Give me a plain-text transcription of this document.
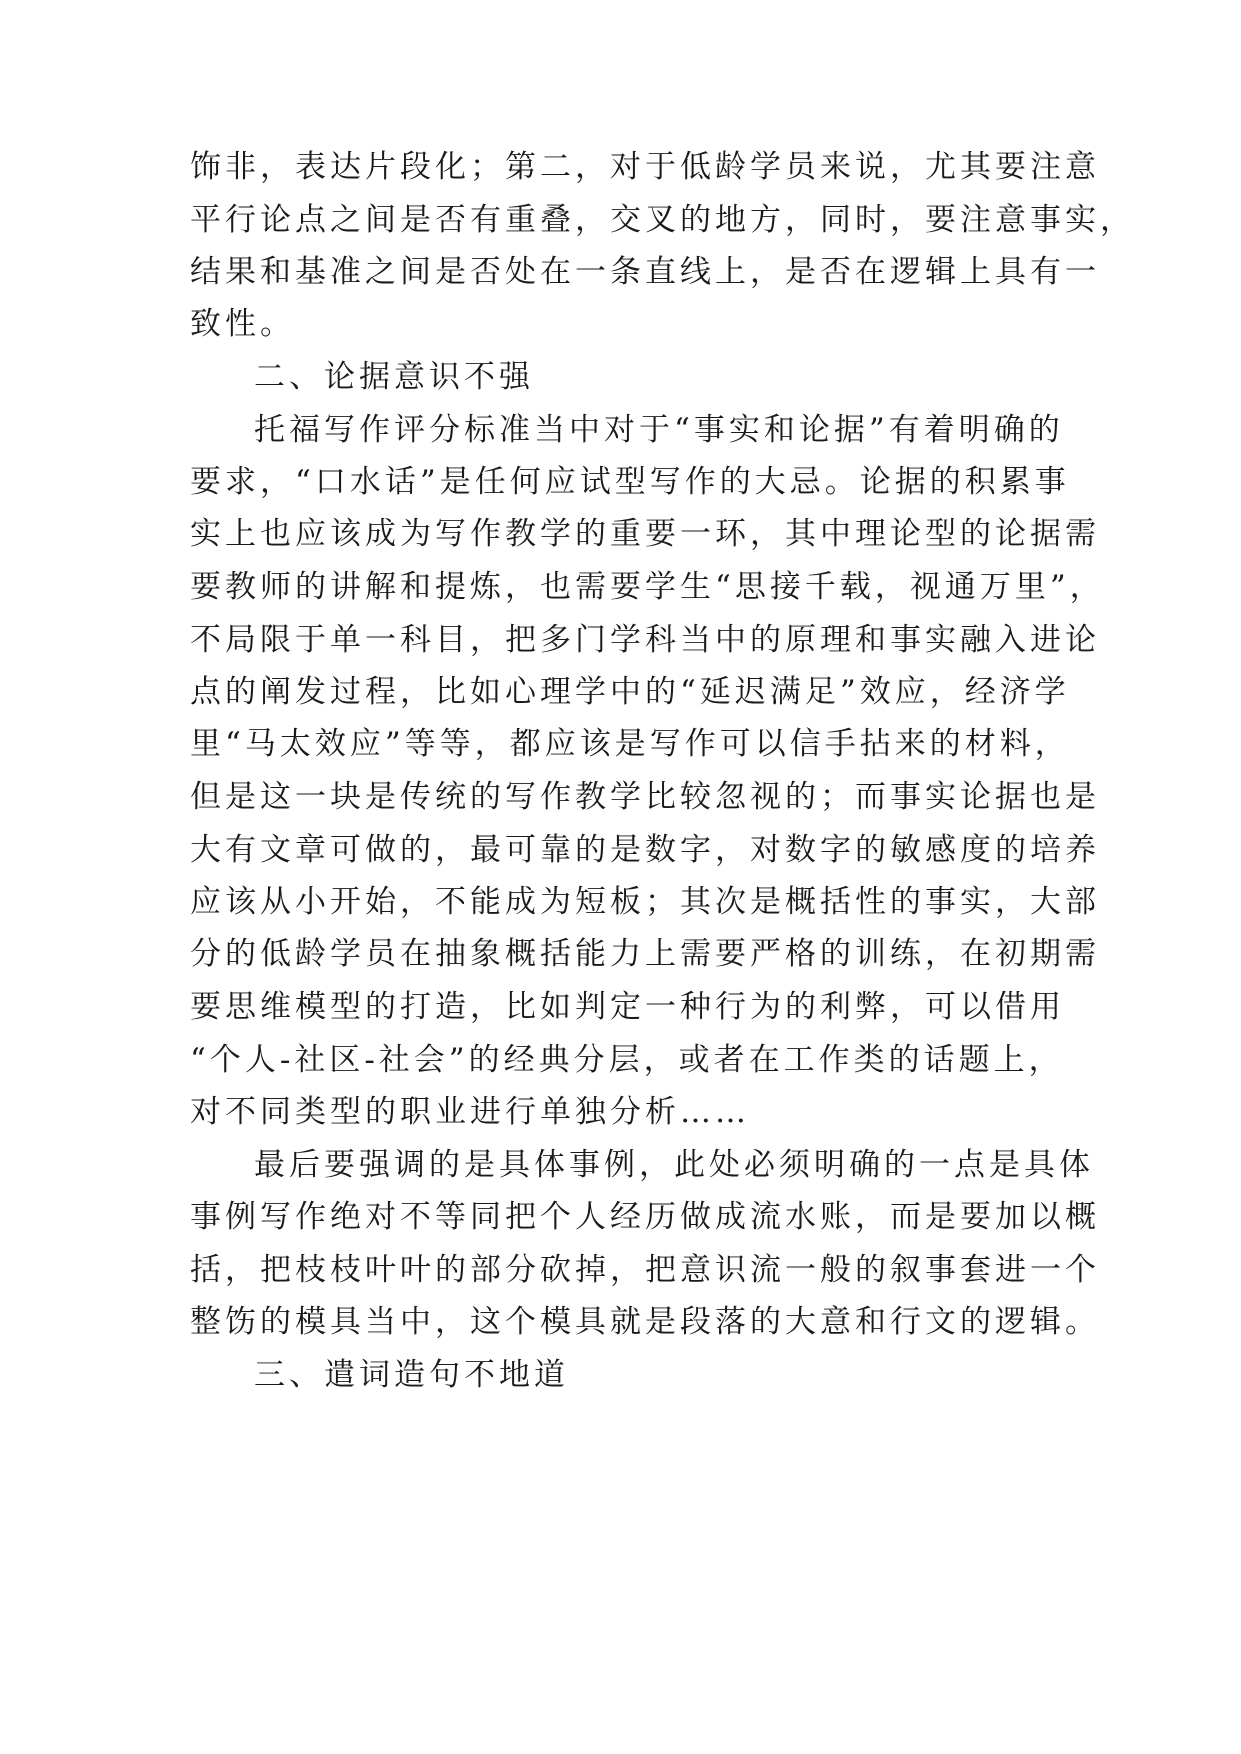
饰非，表达片段化；第二，对于低龄学员来说，尤其要注意
平行论点之间是否有重叠，交叉的地方，同时，要注意事实，
结果和基准之间是否处在一条直线上，是否在逻辑上具有一
致性。
二、论据意识不强
托福写作评分标准当中对于“事实和论据”有着明确的
要求，“口水话”是任何应试型写作的大忌。论据的积累事
实上也应该成为写作教学的重要一环，其中理论型的论据需
要教师的讲解和提炼，也需要学生“思接千载，视通万里”，
不局限于单一科目，把多门学科当中的原理和事实融入进论
点的阐发过程，比如心理学中的“延迟满足”效应，经济学
里“马太效应”等等，都应该是写作可以信手拈来的材料，
但是这一块是传统的写作教学比较忽视的；而事实论据也是
大有文章可做的，最可靠的是数字，对数字的敏感度的培养
应该从小开始，不能成为短板；其次是概括性的事实，大部
分的低龄学员在抽象概括能力上需要严格的训练，在初期需
要思维模型的打造，比如判定一种行为的利弊，可以借用
“个人-社区-社会”的经典分层，或者在工作类的话题上，
对不同类型的职业进行单独分析……
最后要强调的是具体事例，此处必须明确的一点是具体
事例写作绝对不等同把个人经历做成流水账，而是要加以概
括，把枝枝叶叶的部分砍掉，把意识流一般的叙事套进一个
整饬的模具当中，这个模具就是段落的大意和行文的逻辑。
三、遣词造句不地道
